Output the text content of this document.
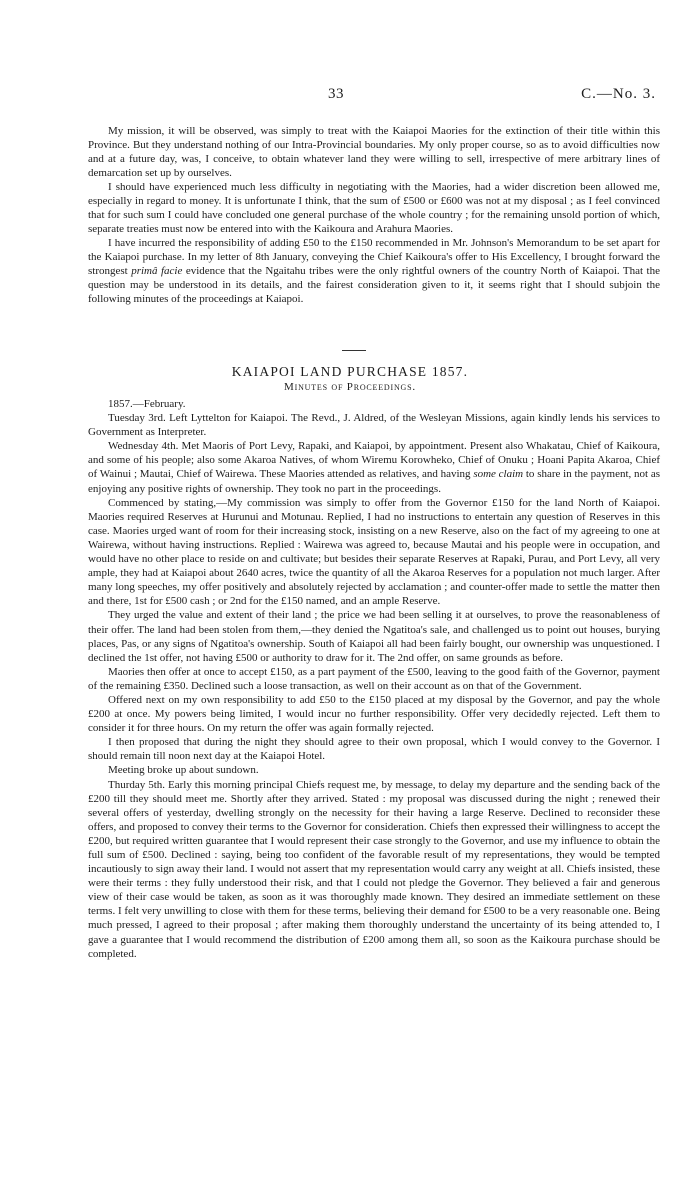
33	C.—No. 3.

My mission, it will be observed, was simply to treat with the Kaiapoi Maories for the extinction of their title within this Province. But they understand nothing of our Intra-Provincial boundaries. My only proper course, so as to avoid difficulties now and at a future day, was, I conceive, to obtain whatever land they were willing to sell, irrespective of mere arbitrary lines of demarcation set up by ourselves.

I should have experienced much less difficulty in negotiating with the Maories, had a wider discretion been allowed me, especially in regard to money. It is unfortunate I think, that the sum of £500 or £600 was not at my disposal ; as I feel convinced that for such sum I could have concluded one general purchase of the whole country ; for the remaining unsold portion of which, separate treaties must now be entered into with the Kaikoura and Arahura Maories.

I have incurred the responsibility of adding £50 to the £150 recommended in Mr. Johnson's Memorandum to be set apart for the Kaiapoi purchase. In my letter of 8th January, conveying the Chief Kaikoura's offer to His Excellency, I brought forward the strongest primâ facie evidence that the Ngaitahu tribes were the only rightful owners of the country North of Kaiapoi. That the question may be understood in its details, and the fairest consideration given to it, it seems right that I should subjoin the following minutes of the proceedings at Kaiapoi.

KAIAPOI LAND PURCHASE 1857.
Minutes of Proceedings.

1857.—February.

Tuesday 3rd. Left Lyttelton for Kaiapoi. The Revd., J. Aldred, of the Wesleyan Missions, again kindly lends his services to Government as Interpreter.

Wednesday 4th. Met Maoris of Port Levy, Rapaki, and Kaiapoi, by appointment. Present also Whakatau, Chief of Kaikoura, and some of his people; also some Akaroa Natives, of whom Wiremu Korowheko, Chief of Onuku ; Hoani Papita Akaroa, Chief of Wainui ; Mautai, Chief of Wairewa. These Maories attended as relatives, and having some claim to share in the payment, not as enjoying any positive rights of ownership. They took no part in the proceedings.

Commenced by stating,—My commission was simply to offer from the Governor £150 for the land North of Kaiapoi. Maories required Reserves at Hurunui and Motunau. Replied, I had no instructions to entertain any question of Reserves in this case. Maories urged want of room for their increasing stock, insisting on a new Reserve, also on the fact of my agreeing to one at Wairewa, without having instructions. Replied : Wairewa was agreed to, because Mautai and his people were in occupation, and would have no other place to reside on and cultivate; but besides their separate Reserves at Rapaki, Purau, and Port Levy, all very ample, they had at Kaiapoi about 2640 acres, twice the quantity of all the Akaroa Reserves for a population not much larger. After many long speeches, my offer positively and absolutely rejected by acclamation ; and counter-offer made to settle the matter then and there, 1st for £500 cash ; or 2nd for the £150 named, and an ample Reserve.

They urged the value and extent of their land ; the price we had been selling it at ourselves, to prove the reasonableness of their offer. The land had been stolen from them,—they denied the Ngatitoa's sale, and challenged us to point out houses, burying places, Pas, or any signs of Ngatitoa's ownership. South of Kaiapoi all had been fairly bought, our ownership was unquestioned. I declined the 1st offer, not having £500 or authority to draw for it. The 2nd offer, on same grounds as before.

Maories then offer at once to accept £150, as a part payment of the £500, leaving to the good faith of the Governor, payment of the remaining £350. Declined such a loose transaction, as well on their account as on that of the Government.

Offered next on my own responsibility to add £50 to the £150 placed at my disposal by the Governor, and pay the whole £200 at once. My powers being limited, I would incur no further responsibility. Offer very decidedly rejected. Left them to consider it for three hours. On my return the offer was again formally rejected.

I then proposed that during the night they should agree to their own proposal, which I would convey to the Governor. I should remain till noon next day at the Kaiapoi Hotel.

Meeting broke up about sundown.

Thurday 5th. Early this morning principal Chiefs request me, by message, to delay my departure and the sending back of the £200 till they should meet me. Shortly after they arrived. Stated : my proposal was discussed during the night ; renewed their several offers of yesterday, dwelling strongly on the necessity for their having a large Reserve. Declined to reconsider these offers, and proposed to convey their terms to the Governor for consideration. Chiefs then expressed their willingness to accept the £200, but required written guarantee that I would represent their case strongly to the Governor, and use my influence to obtain the full sum of £500. Declined : saying, being too confident of the favorable result of my representations, they would be tempted incautiously to sign away their land. I would not assert that my representation would carry any weight at all. Chiefs insisted, these were their terms : they fully understood their risk, and that I could not pledge the Governor. They believed a fair and generous view of their case would be taken, as soon as it was thoroughly made known. They desired an immediate settlement on these terms. I felt very unwilling to close with them for these terms, believing their demand for £500 to be a very reasonable one. Being much pressed, I agreed to their proposal ; after making them thoroughly understand the uncertainty of its being attended to, I gave a guarantee that I would recommend the distribution of £200 among them all, so soon as the Kaikoura purchase should be completed.
